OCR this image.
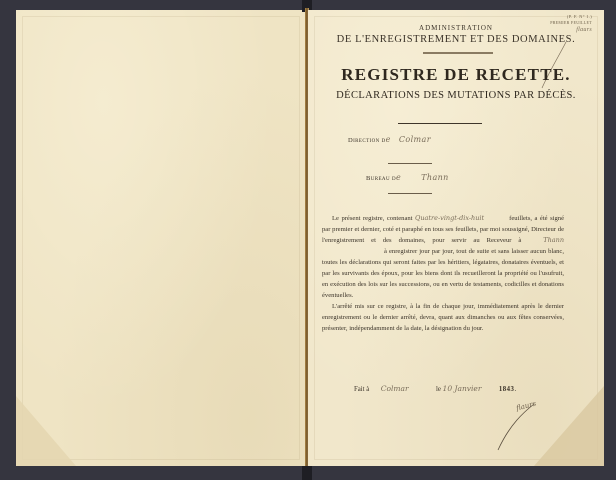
(P. F. N° 1.)
PREMIER FEUILLET
flaurs
ADMINISTRATION
DE L'ENREGISTREMENT ET DES DOMAINES.
REGISTRE DE RECETTE.
DÉCLARATIONS DES MUTATIONS PAR DÉCÈS.
Direction de Colmar
Bureau de	Thann

Le présent registre, contenant Quatre-vingt-dix-huit	feuillets, a été signé par premier et dernier, coté et paraphé en tous ses feuillets, par moi soussigné, Directeur de l'enregistrement et des domaines, pour servir au Receveur à	Thann  à enregistrer jour par jour, tout de suite et sans laisser aucun blanc, toutes les déclarations qui seront faites par les héritiers, légataires, donataires éventuels, et par les survivants des époux, pour les biens dont ils recueilleront la propriété ou l'usufruit, en exécution des lois sur les successions, ou en vertu de testaments, codicilles et donations éventuelles.

L'arrêté mis sur ce registre, à la fin de chaque jour, immédiatement après le dernier enregistrement ou le dernier arrêté, devra, quant aux dimanches ou aux fêtes conservées, présenter, indépendamment de la date, la désignation du jour.

Fait à Colmar	le 10 Janvier	1843.
flaurs
